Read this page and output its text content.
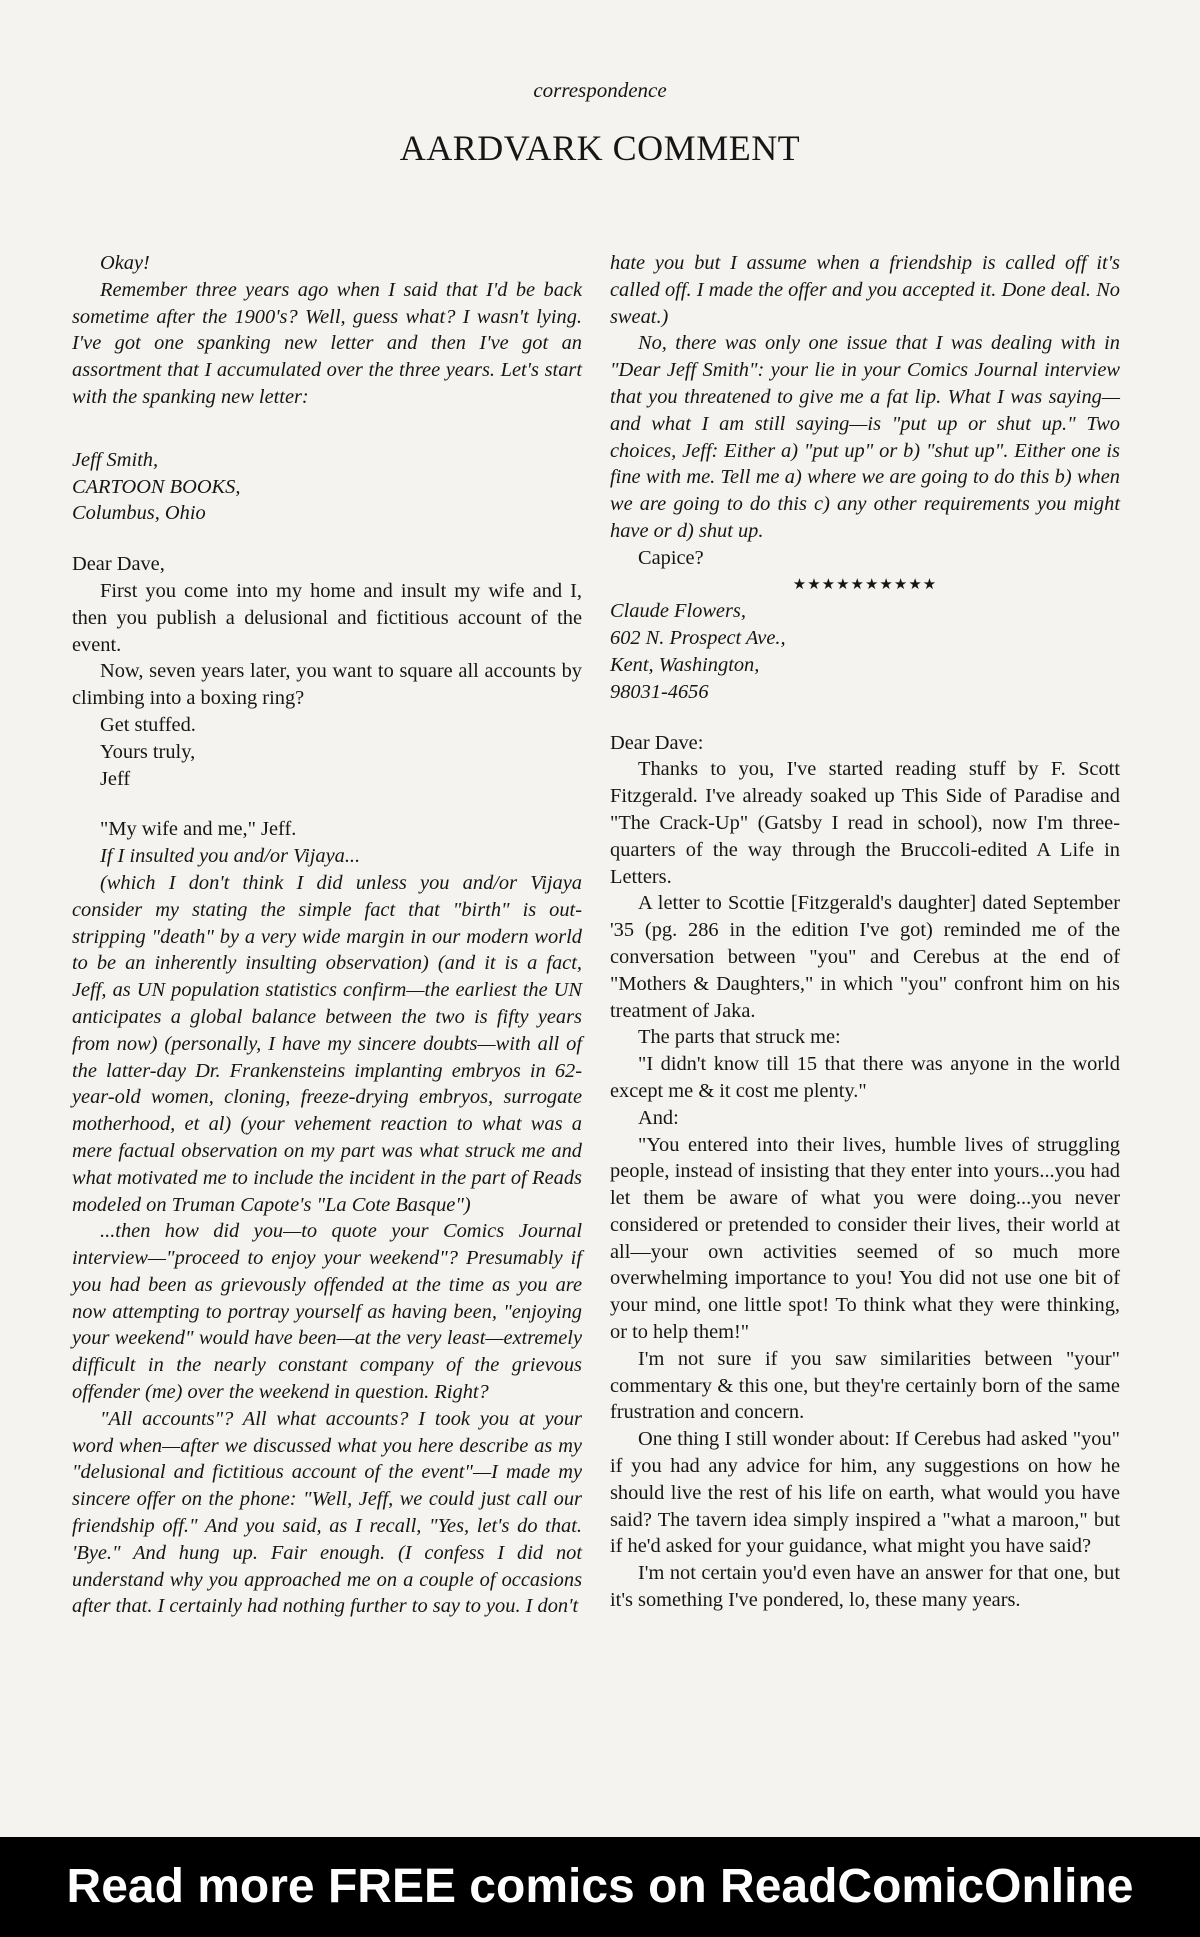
correspondence
AARDVARK COMMENT

Okay!

Remember three years ago when I said that I'd be back sometime after the 1900's? Well, guess what? I wasn't lying. I've got one spanking new letter and then I've got an assortment that I accumulated over the three years. Let's start with the spanking new letter:

Jeff Smith,

CARTOON BOOKS,

Columbus, Ohio

Dear Dave,

First you come into my home and insult my wife and I, then you publish a delusional and fictitious account of the event.

Now, seven years later, you want to square all accounts by climbing into a boxing ring?

Get stuffed.

Yours truly,

Jeff

"My wife and me," Jeff.

If I insulted you and/or Vijaya...

(which I don't think I did unless you and/or Vijaya consider my stating the simple fact that "birth" is out-stripping "death" by a very wide margin in our modern world to be an inherently insulting observation) (and it is a fact, Jeff, as UN population statistics confirm—the earliest the UN anticipates a global balance between the two is fifty years from now) (personally, I have my sincere doubts—with all of the latter-day Dr. Frankensteins implanting embryos in 62-year-old women, cloning, freeze-drying embryos, surrogate motherhood, et al) (your vehement reaction to what was a mere factual observation on my part was what struck me and what motivated me to include the incident in the part of Reads modeled on Truman Capote's "La Cote Basque")

...then how did you—to quote your Comics Journal interview—"proceed to enjoy your weekend"? Presumably if you had been as grievously offended at the time as you are now attempting to portray yourself as having been, "enjoying your weekend" would have been—at the very least—extremely difficult in the nearly constant company of the grievous offender (me) over the weekend in question. Right?

"All accounts"? All what accounts? I took you at your word when—after we discussed what you here describe as my "delusional and fictitious account of the event"—I made my sincere offer on the phone: "Well, Jeff, we could just call our friendship off." And you said, as I recall, "Yes, let's do that. 'Bye." And hung up. Fair enough. (I confess I did not understand why you approached me on a couple of occasions after that. I certainly had nothing further to say to you. I don't

hate you but I assume when a friendship is called off it's called off. I made the offer and you accepted it. Done deal. No sweat.)

No, there was only one issue that I was dealing with in "Dear Jeff Smith": your lie in your Comics Journal interview that you threatened to give me a fat lip. What I was saying—and what I am still saying—is "put up or shut up." Two choices, Jeff: Either a) "put up" or b) "shut up". Either one is fine with me. Tell me a) where we are going to do this b) when we are going to do this c) any other requirements you might have or d) shut up.

Capice?

★★★★★★★★★★

Claude Flowers,

602 N. Prospect Ave.,

Kent, Washington,

98031-4656

Dear Dave:

Thanks to you, I've started reading stuff by F. Scott Fitzgerald. I've already soaked up This Side of Paradise and "The Crack-Up" (Gatsby I read in school), now I'm three-quarters of the way through the Bruccoli-edited A Life in Letters.

A letter to Scottie [Fitzgerald's daughter] dated September '35 (pg. 286 in the edition I've got) reminded me of the conversation between "you" and Cerebus at the end of "Mothers & Daughters," in which "you" confront him on his treatment of Jaka.

The parts that struck me:

"I didn't know till 15 that there was anyone in the world except me & it cost me plenty."

And:

"You entered into their lives, humble lives of struggling people, instead of insisting that they enter into yours...you had let them be aware of what you were doing...you never considered or pretended to consider their lives, their world at all—your own activities seemed of so much more overwhelming importance to you! You did not use one bit of your mind, one little spot! To think what they were thinking, or to help them!"

I'm not sure if you saw similarities between "your" commentary & this one, but they're certainly born of the same frustration and concern.

One thing I still wonder about: If Cerebus had asked "you" if you had any advice for him, any suggestions on how he should live the rest of his life on earth, what would you have said? The tavern idea simply inspired a "what a maroon," but if he'd asked for your guidance, what might you have said?

I'm not certain you'd even have an answer for that one, but it's something I've pondered, lo, these many years.

Read more FREE comics on ReadComicOnline
